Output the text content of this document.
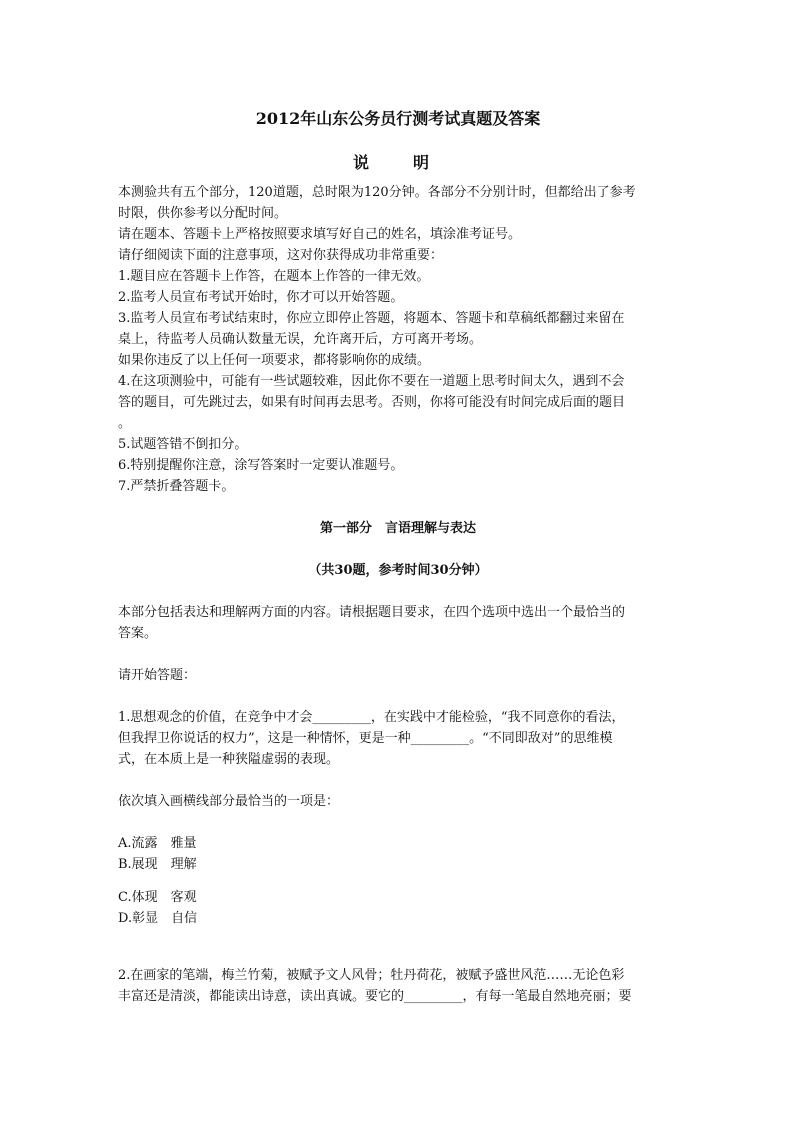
2012年山东公务员行测考试真题及答案
说　明
本测验共有五个部分，120道题，总时限为120分钟。各部分不分别计时，但都给出了参考
时限，供你参考以分配时间。
请在题本、答题卡上严格按照要求填写好自己的姓名，填涂准考证号。
请仔细阅读下面的注意事项，这对你获得成功非常重要：
1.题目应在答题卡上作答，在题本上作答的一律无效。
2.监考人员宣布考试开始时，你才可以开始答题。
3.监考人员宣布考试结束时，你应立即停止答题，将题本、答题卡和草稿纸都翻过来留在
桌上，待监考人员确认数量无误，允许离开后，方可离开考场。
如果你违反了以上任何一项要求，都将影响你的成绩。
4.在这项测验中，可能有一些试题较难，因此你不要在一道题上思考时间太久，遇到不会
答的题目，可先跳过去，如果有时间再去思考。否则，你将可能没有时间完成后面的题目
。
5.试题答错不倒扣分。
6.特别提醒你注意，涂写答案时一定要认准题号。
7.严禁折叠答题卡。
第一部分　言语理解与表达
（共30题，参考时间30分钟）
本部分包括表达和理解两方面的内容。请根据题目要求，在四个选项中选出一个最恰当的
答案。
请开始答题：
1.思想观念的价值，在竞争中才会_________，在实践中才能检验，“我不同意你的看法，
但我捍卫你说话的权力”，这是一种情怀，更是一种_________。“不同即敌对”的思维模
式，在本质上是一种狭隘虚弱的表现。
依次填入画横线部分最恰当的一项是：
A.流露　雅量
B.展现　理解
C.体现　客观
D.彰显　自信
2.在画家的笔端，梅兰竹菊，被赋予文人风骨；牡丹荷花，被赋予盛世风范……无论色彩
丰富还是清淡，都能读出诗意，读出真诚。要它的_________，有每一笔最自然地亮丽；要
